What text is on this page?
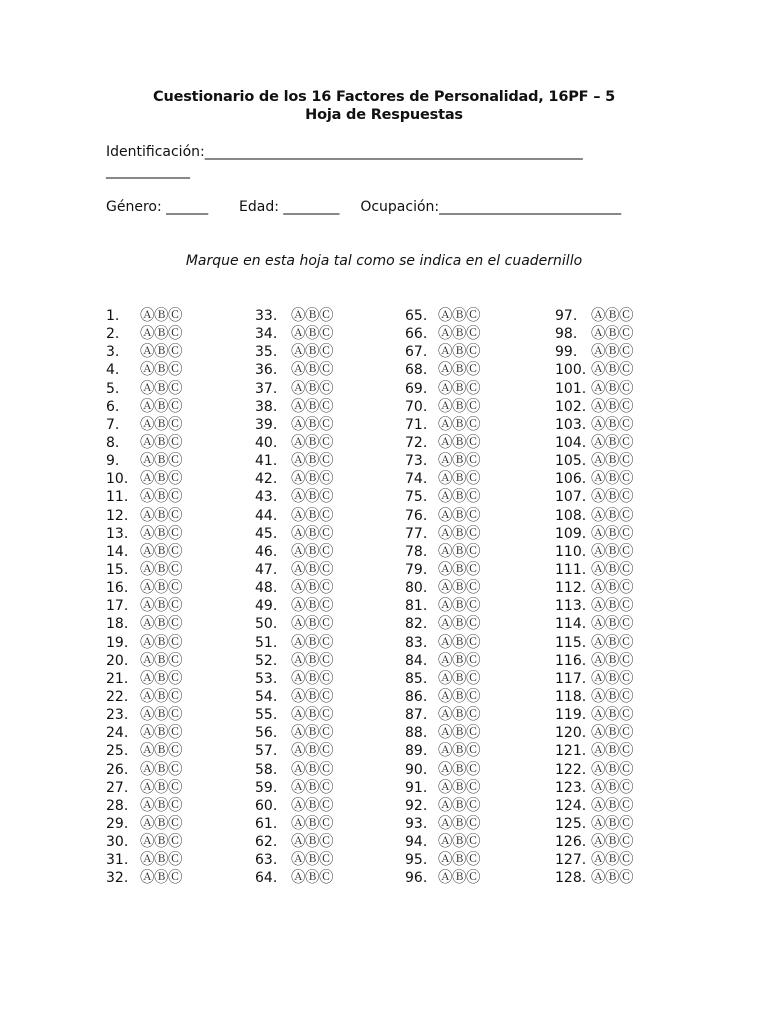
Cuestionario de los 16 Factores de Personalidad, 16PF – 5
Hoja de Respuestas
Identificación:______________________________________________________
____________
Género: ______ Edad: ________ Ocupación:__________________________
Marque en esta hoja tal como se indica en el cuadernillo
1. ⒶⒷⒸ
2. ⒶⒷⒸ
3. ⒶⒷⒸ
4. ⒶⒷⒸ
5. ⒶⒷⒸ
6. ⒶⒷⒸ
7. ⒶⒷⒸ
8. ⒶⒷⒸ
9. ⒶⒷⒸ
10. ⒶⒷⒸ
11. ⒶⒷⒸ
12. ⒶⒷⒸ
13. ⒶⒷⒸ
14. ⒶⒷⒸ
15. ⒶⒷⒸ
16. ⒶⒷⒸ
17. ⒶⒷⒸ
18. ⒶⒷⒸ
19. ⒶⒷⒸ
20. ⒶⒷⒸ
21. ⒶⒷⒸ
22. ⒶⒷⒸ
23. ⒶⒷⒸ
24. ⒶⒷⒸ
25. ⒶⒷⒸ
26. ⒶⒷⒸ
27. ⒶⒷⒸ
28. ⒶⒷⒸ
29. ⒶⒷⒸ
30. ⒶⒷⒸ
31. ⒶⒷⒸ
32. ⒶⒷⒸ
33. ⒶⒷⒸ
34. ⒶⒷⒸ
35. ⒶⒷⒸ
36. ⒶⒷⒸ
37. ⒶⒷⒸ
38. ⒶⒷⒸ
39. ⒶⒷⒸ
40. ⒶⒷⒸ
41. ⒶⒷⒸ
42. ⒶⒷⒸ
43. ⒶⒷⒸ
44. ⒶⒷⒸ
45. ⒶⒷⒸ
46. ⒶⒷⒸ
47. ⒶⒷⒸ
48. ⒶⒷⒸ
49. ⒶⒷⒸ
50. ⒶⒷⒸ
51. ⒶⒷⒸ
52. ⒶⒷⒸ
53. ⒶⒷⒸ
54. ⒶⒷⒸ
55. ⒶⒷⒸ
56. ⒶⒷⒸ
57. ⒶⒷⒸ
58. ⒶⒷⒸ
59. ⒶⒷⒸ
60. ⒶⒷⒸ
61. ⒶⒷⒸ
62. ⒶⒷⒸ
63. ⒶⒷⒸ
64. ⒶⒷⒸ
65. ⒶⒷⒸ
66. ⒶⒷⒸ
67. ⒶⒷⒸ
68. ⒶⒷⒸ
69. ⒶⒷⒸ
70. ⒶⒷⒸ
71. ⒶⒷⒸ
72. ⒶⒷⒸ
73. ⒶⒷⒸ
74. ⒶⒷⒸ
75. ⒶⒷⒸ
76. ⒶⒷⒸ
77. ⒶⒷⒸ
78. ⒶⒷⒸ
79. ⒶⒷⒸ
80. ⒶⒷⒸ
81. ⒶⒷⒸ
82. ⒶⒷⒸ
83. ⒶⒷⒸ
84. ⒶⒷⒸ
85. ⒶⒷⒸ
86. ⒶⒷⒸ
87. ⒶⒷⒸ
88. ⒶⒷⒸ
89. ⒶⒷⒸ
90. ⒶⒷⒸ
91. ⒶⒷⒸ
92. ⒶⒷⒸ
93. ⒶⒷⒸ
94. ⒶⒷⒸ
95. ⒶⒷⒸ
96. ⒶⒷⒸ
97. ⒶⒷⒸ
98. ⒶⒷⒸ
99. ⒶⒷⒸ
100. ⒶⒷⒸ
101. ⒶⒷⒸ
102. ⒶⒷⒸ
103. ⒶⒷⒸ
104. ⒶⒷⒸ
105. ⒶⒷⒸ
106. ⒶⒷⒸ
107. ⒶⒷⒸ
108. ⒶⒷⒸ
109. ⒶⒷⒸ
110. ⒶⒷⒸ
111. ⒶⒷⒸ
112. ⒶⒷⒸ
113. ⒶⒷⒸ
114. ⒶⒷⒸ
115. ⒶⒷⒸ
116. ⒶⒷⒸ
117. ⒶⒷⒸ
118. ⒶⒷⒸ
119. ⒶⒷⒸ
120. ⒶⒷⒸ
121. ⒶⒷⒸ
122. ⒶⒷⒸ
123. ⒶⒷⒸ
124. ⒶⒷⒸ
125. ⒶⒷⒸ
126. ⒶⒷⒸ
127. ⒶⒷⒸ
128. ⒶⒷⒸ
